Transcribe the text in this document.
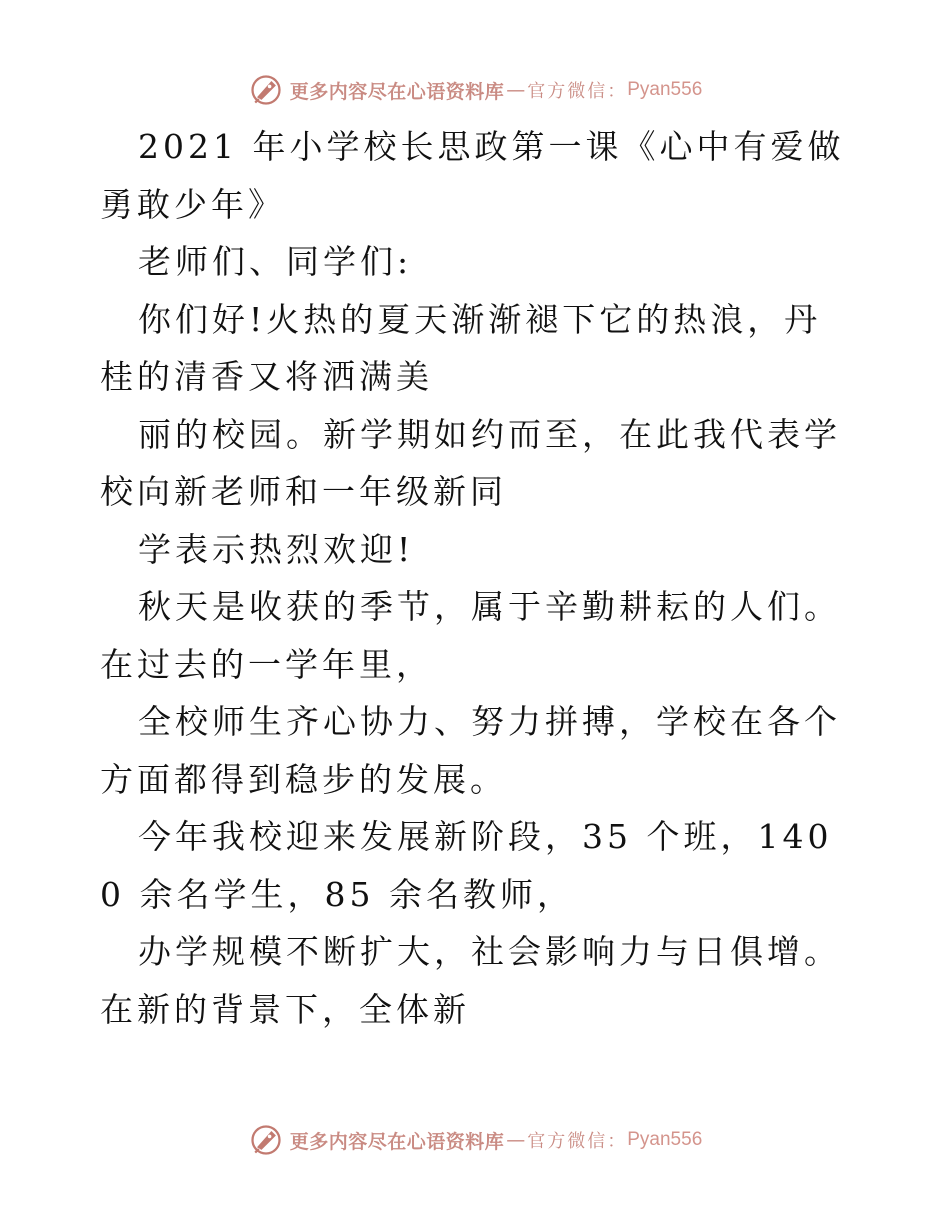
更多内容尽在心语资料库 — 官方微信： Pyan556

2021 年小学校长思政第一课《心中有爱做勇敢少年》

老师们、同学们:

你们好!火热的夏天渐渐褪下它的热浪，丹桂的清香又将洒满美

丽的校园。新学期如约而至，在此我代表学校向新老师和一年级新同

学表示热烈欢迎!

秋天是收获的季节，属于辛勤耕耘的人们。在过去的一学年里，

全校师生齐心协力、努力拼搏，学校在各个方面都得到稳步的发展。

今年我校迎来发展新阶段，35 个班，1400 余名学生，85 余名教师，

办学规模不断扩大，社会影响力与日俱增。在新的背景下，全体新

更多内容尽在心语资料库 — 官方微信： Pyan556
